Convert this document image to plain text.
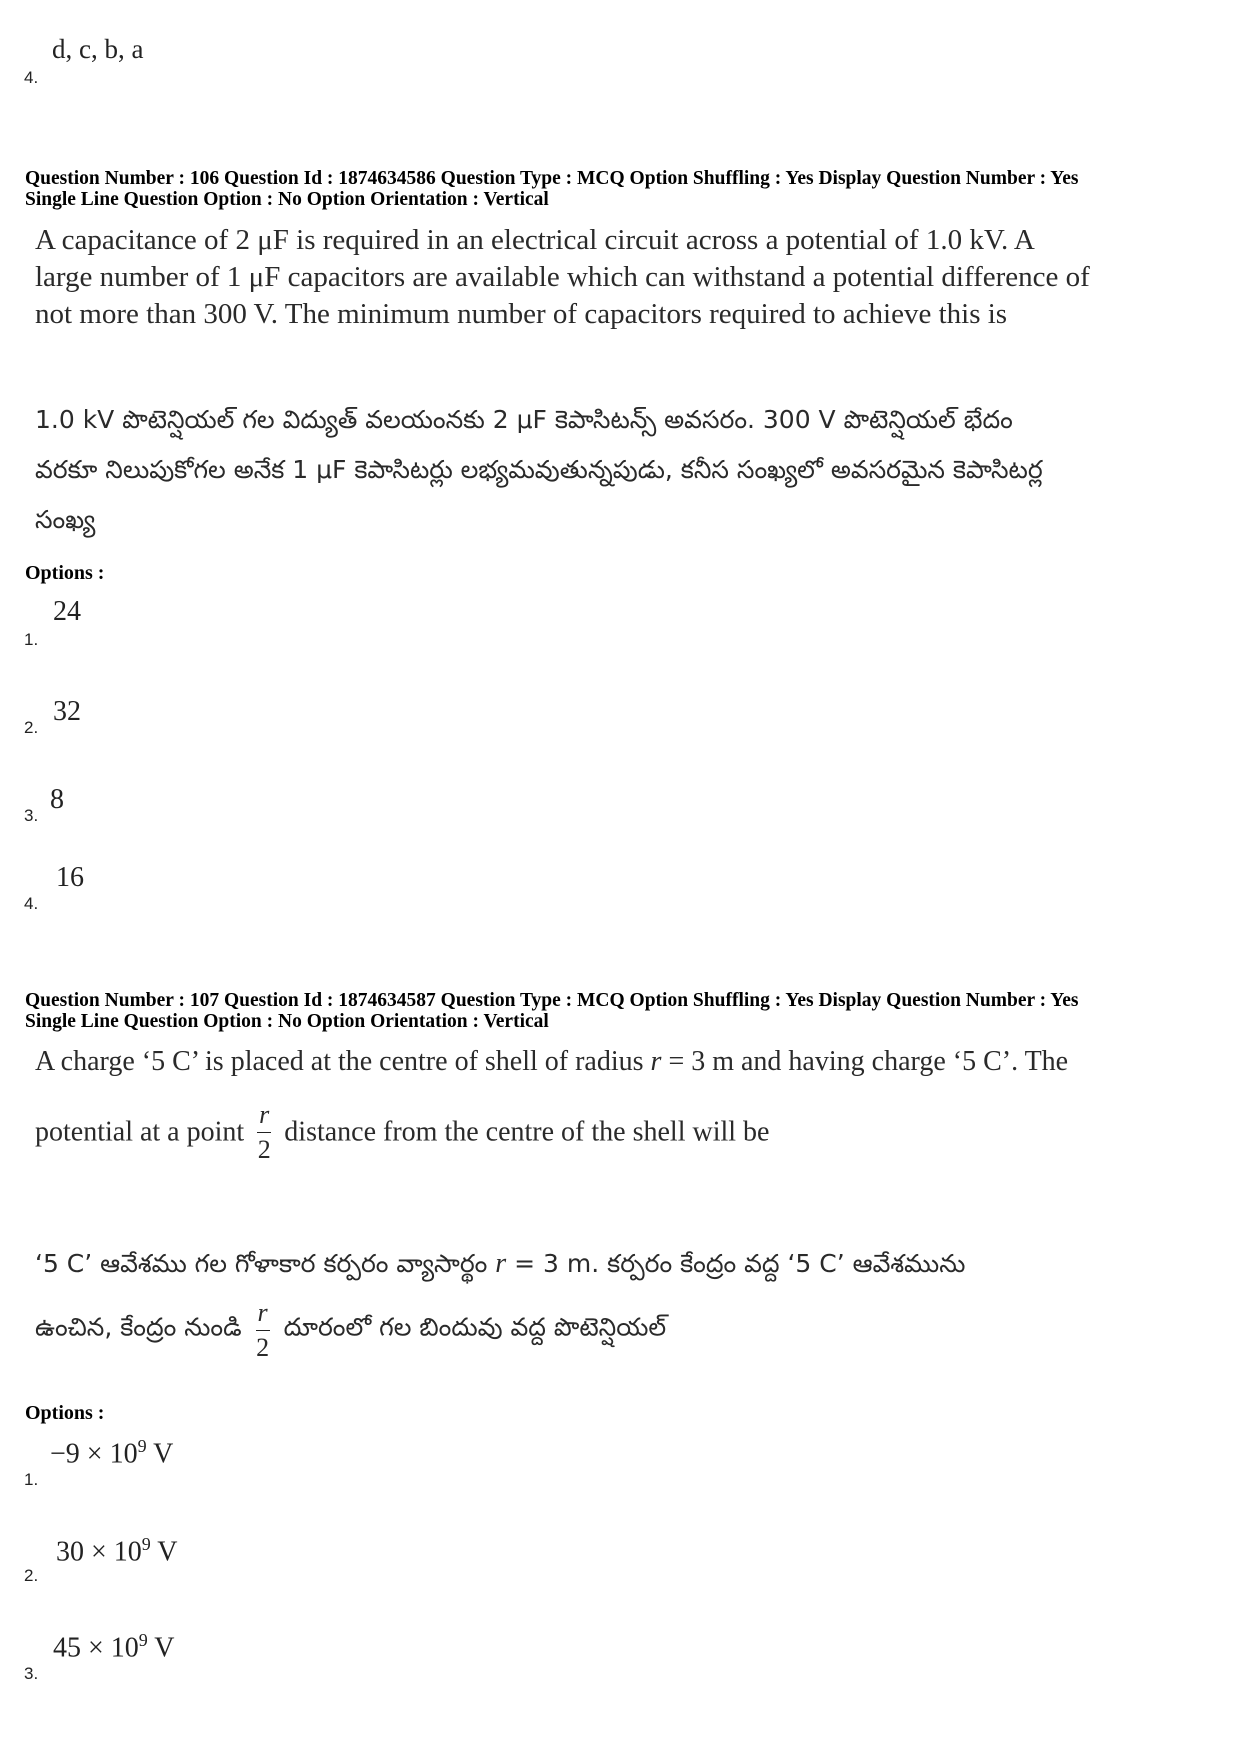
4.
d, c, b, a
Question Number : 106 Question Id : 1874634586 Question Type : MCQ Option Shuffling : Yes Display Question Number : Yes
Single Line Question Option : No Option Orientation : Vertical
A capacitance of 2 μF is required in an electrical circuit across a potential of 1.0 kV. A
large number of 1 μF capacitors are available which can withstand a potential difference of
not more than 300 V. The minimum number of capacitors required to achieve this is
1.0 kV పొటెన్షియల్ గల విద్యుత్ వలయంనకు 2 μF కెపాసిటన్స్ అవసరం. 300 V పొటెన్షియల్ భేదం
వరకూ నిలుపుకోగల అనేక 1 μF కెపాసిటర్లు లభ్యమవుతున్నపుడు, కనీస సంఖ్యలో అవసరమైన కెపాసిటర్ల
సంఖ్య
Options :
1.
24
2.
32
3.
8
4.
16
Question Number : 107 Question Id : 1874634587 Question Type : MCQ Option Shuffling : Yes Display Question Number : Yes
Single Line Question Option : No Option Orientation : Vertical
A charge ‘5 C’ is placed at the centre of shell of radius r = 3 m and having charge ‘5 C’. The
potential at a point $\frac{r}{2}$ distance from the centre of the shell will be
‘5 C’ ఆవేశము గల గోళాకార కర్పరం వ్యాసార్థం r = 3 m. కర్పరం కేంద్రం వద్ద ‘5 C’ ఆవేశమును
ఉంచిన, కేంద్రం నుండి $\frac{r}{2}$ దూరంలో గల బిందువు వద్ద పొటెన్షియల్
Options :
1.
$-9 \times 10^9$ V
2.
$30 \times 10^9$ V
3.
$45 \times 10^9$ V
